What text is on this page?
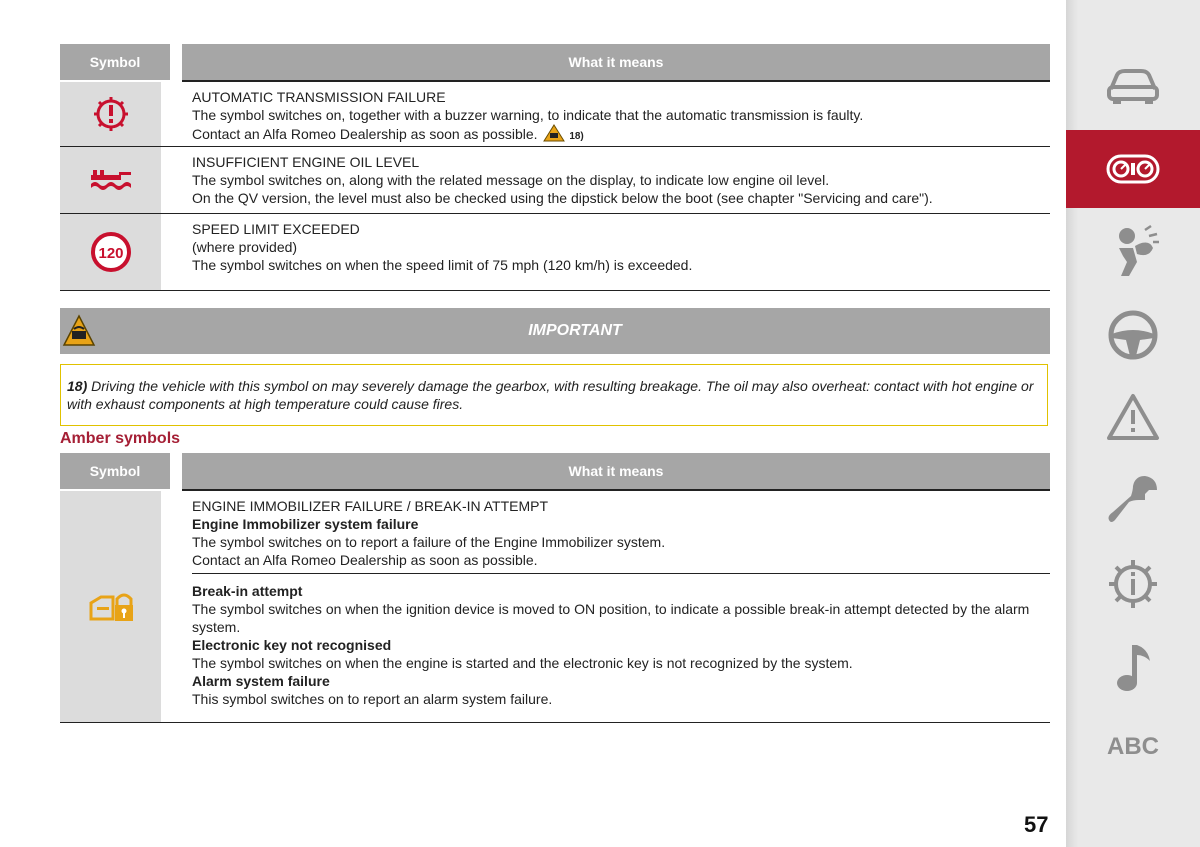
Symbol	What it means
AUTOMATIC TRANSMISSION FAILURE
The symbol switches on, together with a buzzer warning, to indicate that the automatic transmission is faulty.
Contact an Alfa Romeo Dealership as soon as possible.	18)
INSUFFICIENT ENGINE OIL LEVEL
The symbol switches on, along with the related message on the display, to indicate low engine oil level.
On the QV version, the level must also be checked using the dipstick below the boot (see chapter "Servicing and care").
120
SPEED LIMIT EXCEEDED
(where provided)
The symbol switches on when the speed limit of 75 mph (120 km/h) is exceeded.
IMPORTANT
18) Driving the vehicle with this symbol on may severely damage the gearbox, with resulting breakage. The oil may also overheat: contact with hot engine or with exhaust components at high temperature could cause fires.
Amber symbols
Symbol	What it means
ENGINE IMMOBILIZER FAILURE / BREAK-IN ATTEMPT
Engine Immobilizer system failure
The symbol switches on to report a failure of the Engine Immobilizer system.
Contact an Alfa Romeo Dealership as soon as possible.
Break-in attempt
The symbol switches on when the ignition device is moved to ON position, to indicate a possible break-in attempt detected by the alarm system.
Electronic key not recognised
The symbol switches on when the engine is started and the electronic key is not recognized by the system.
Alarm system failure
This symbol switches on to report an alarm system failure.
ABC
57
